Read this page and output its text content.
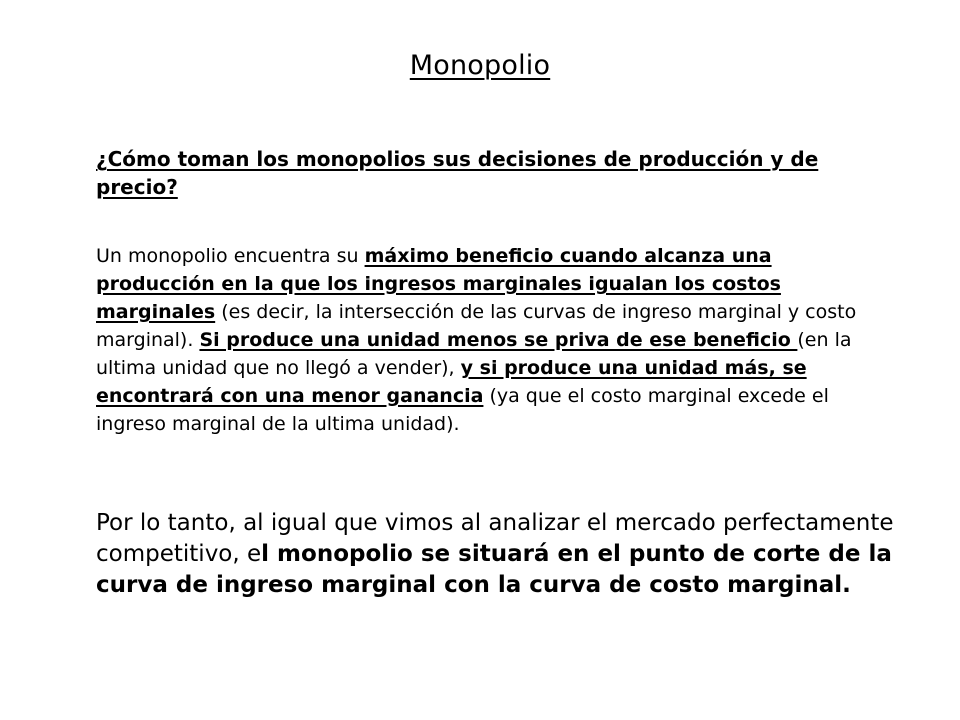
Monopolio
¿Cómo toman los monopolios sus decisiones de producción y de precio?
Un monopolio encuentra su máximo beneficio cuando alcanza una producción en la que los ingresos marginales igualan los costos marginales (es decir, la intersección de las curvas de ingreso marginal y costo marginal). Si produce una unidad menos se priva de ese beneficio (en la ultima unidad que no llegó a vender), y si produce una unidad más, se encontrará con una menor ganancia (ya que el costo marginal excede el ingreso marginal de la ultima unidad).
Por lo tanto, al igual que vimos al analizar el mercado perfectamente competitivo, el monopolio se situará en el punto de corte de la curva de ingreso marginal con la curva de costo marginal.
